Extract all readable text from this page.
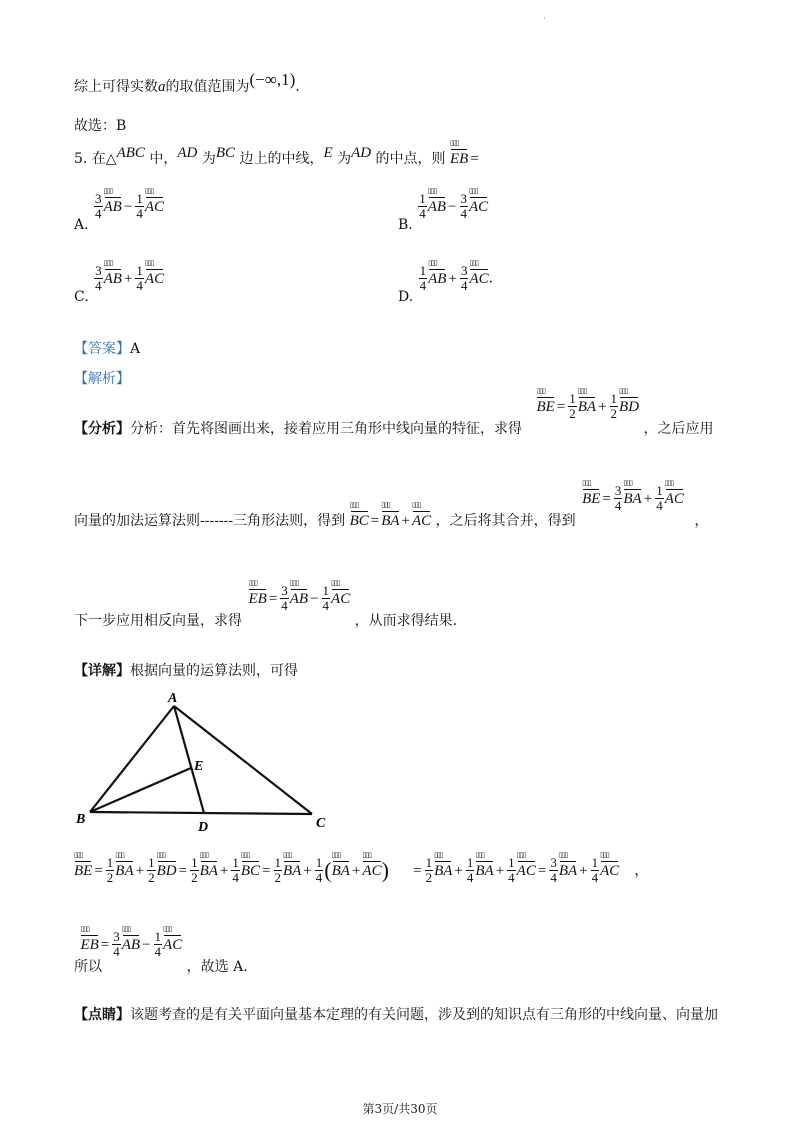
·
综上可得实数a的取值范围为(−∞,1).
故选：B
5. 在△ABC 中，AD 为BC 边上的中线，E 为AD 的中点，则 EB ▯▯▯ =
A.
$\frac{3}{4}$ AB ▯▯▯ − $\frac{1}{4}$ AC ▯▯▯
B.
$\frac{1}{4}$ AB ▯▯▯ − $\frac{3}{4}$ AC ▯▯▯
C.
$\frac{3}{4}$ AB ▯▯▯ + $\frac{1}{4}$ AC ▯▯▯
D.
$\frac{1}{4}$ AB ▯▯▯ + $\frac{3}{4}$ AC ▯▯▯.
【答案】A
【解析】
【分析】分析：首先将图画出来，接着应用三角形中线向量的特征，求得 BE ▯▯▯ = $\frac{1}{2}$ BA ▯▯▯ + $\frac{1}{2}$ BD ▯▯▯ ，之后应用
向量的加法运算法则-------三角形法则，得到 BC ▯▯▯ = BA ▯▯▯ + AC ▯▯▯ ，之后将其合并，得到 BE ▯▯▯ = $\frac{3}{4}$ BA ▯▯▯ + $\frac{1}{4}$ AC ▯▯▯ ，
下一步应用相反向量，求得 EB ▯▯▯ = $\frac{3}{4}$ AB ▯▯▯ − $\frac{1}{4}$ AC ▯▯▯ ，从而求得结果.
【详解】根据向量的运算法则，可得
A
B	C
D
E
BE ▯▯▯ = $\frac{1}{2}$ BA ▯▯▯ + $\frac{1}{2}$ BD ▯▯▯ = $\frac{1}{2}$ BA ▯▯▯ + $\frac{1}{4}$ BC ▯▯▯ = $\frac{1}{2}$ BA ▯▯▯ + $\frac{1}{4} (BA$ ▯▯▯ + AC ▯▯▯) = $\frac{1}{2}$ BA ▯▯▯ + $\frac{1}{4}$ BA ▯▯▯ + $\frac{1}{4}$ AC ▯▯▯ = $\frac{3}{4}$ BA ▯▯▯ + $\frac{1}{4}$ AC ▯▯▯ ，
所以 EB ▯▯▯ = $\frac{3}{4}$ AB ▯▯▯ − $\frac{1}{4}$ AC ▯▯▯ ，故选 A.
【点睛】该题考查的是有关平面向量基本定理的有关问题，涉及到的知识点有三角形的中线向量、向量加
第3页/共30页
